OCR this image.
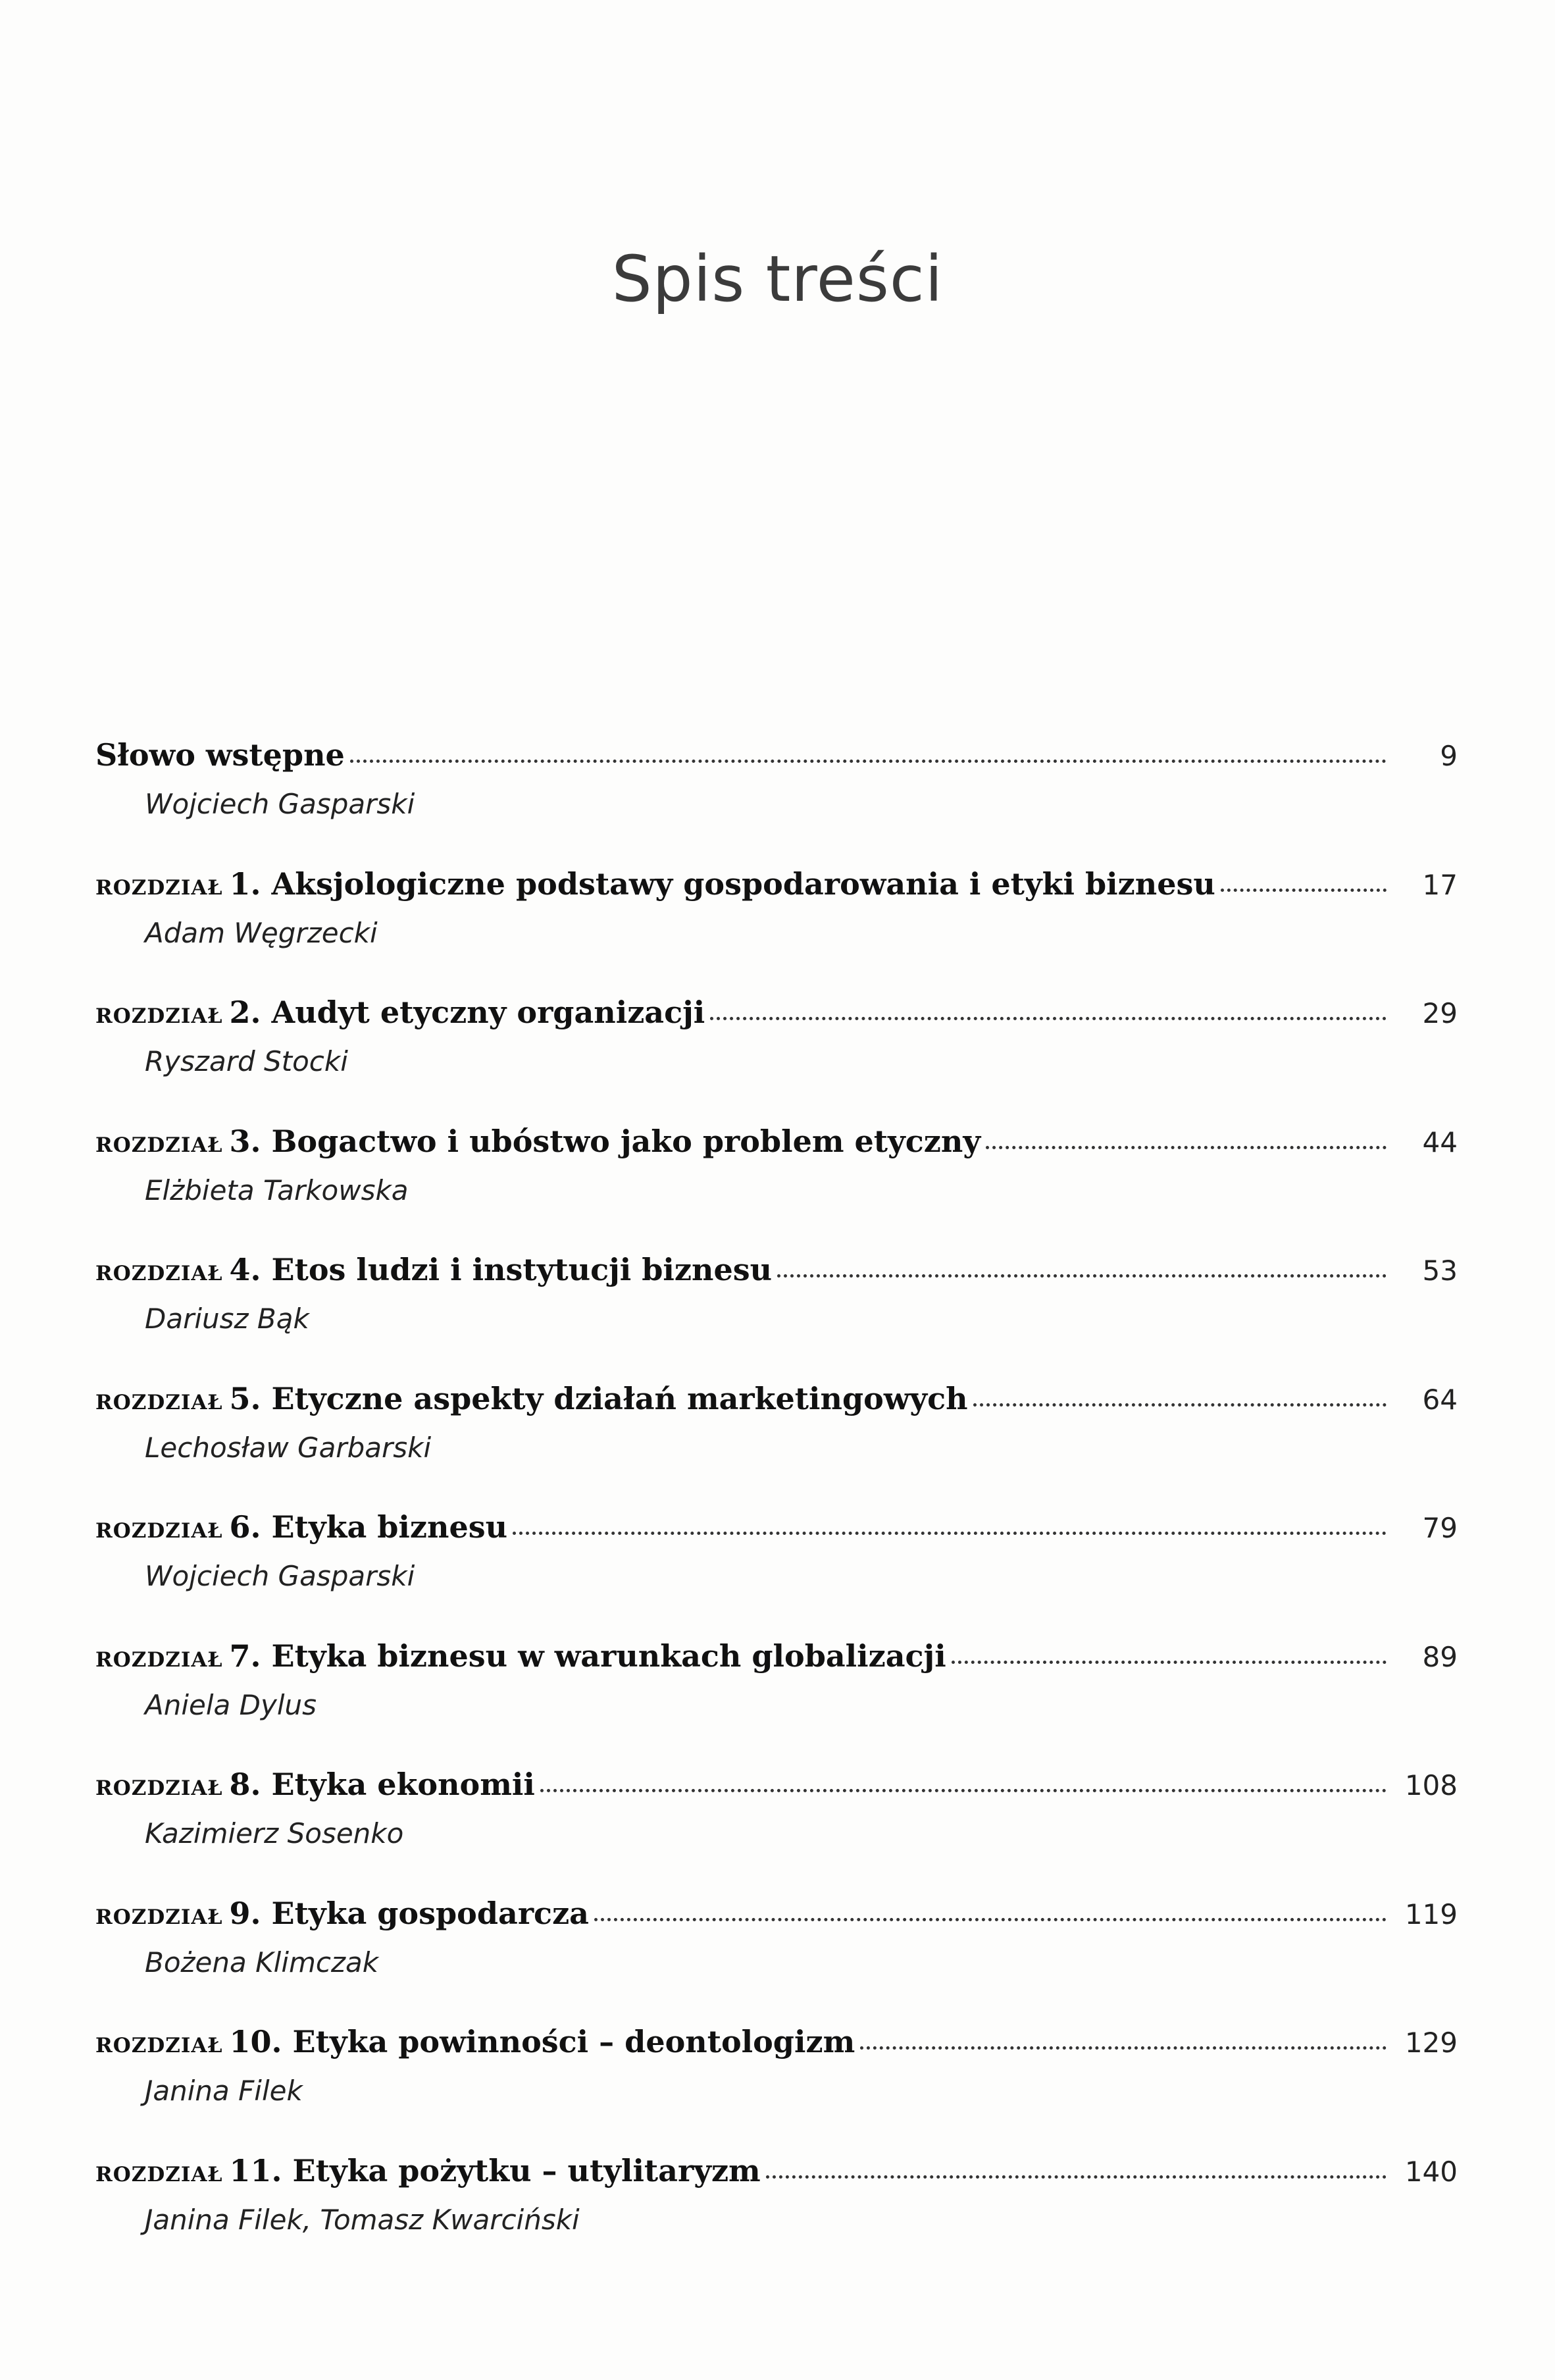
Spis treści
Słowo wstępne	9
Wojciech Gasparski
ROZDZIAŁ 1. Aksjologiczne podstawy gospodarowania i etyki biznesu	17
Adam Węgrzecki
ROZDZIAŁ 2. Audyt etyczny organizacji	29
Ryszard Stocki
ROZDZIAŁ 3. Bogactwo i ubóstwo jako problem etyczny	44
Elżbieta Tarkowska
ROZDZIAŁ 4. Etos ludzi i instytucji biznesu	53
Dariusz Bąk
ROZDZIAŁ 5. Etyczne aspekty działań marketingowych	64
Lechosław Garbarski
ROZDZIAŁ 6. Etyka biznesu	79
Wojciech Gasparski
ROZDZIAŁ 7. Etyka biznesu w warunkach globalizacji	89
Aniela Dylus
ROZDZIAŁ 8. Etyka ekonomii	108
Kazimierz Sosenko
ROZDZIAŁ 9. Etyka gospodarcza	119
Bożena Klimczak
ROZDZIAŁ 10. Etyka powinności – deontologizm	129
Janina Filek
ROZDZIAŁ 11. Etyka pożytku – utylitaryzm	140
Janina Filek, Tomasz Kwarciński
